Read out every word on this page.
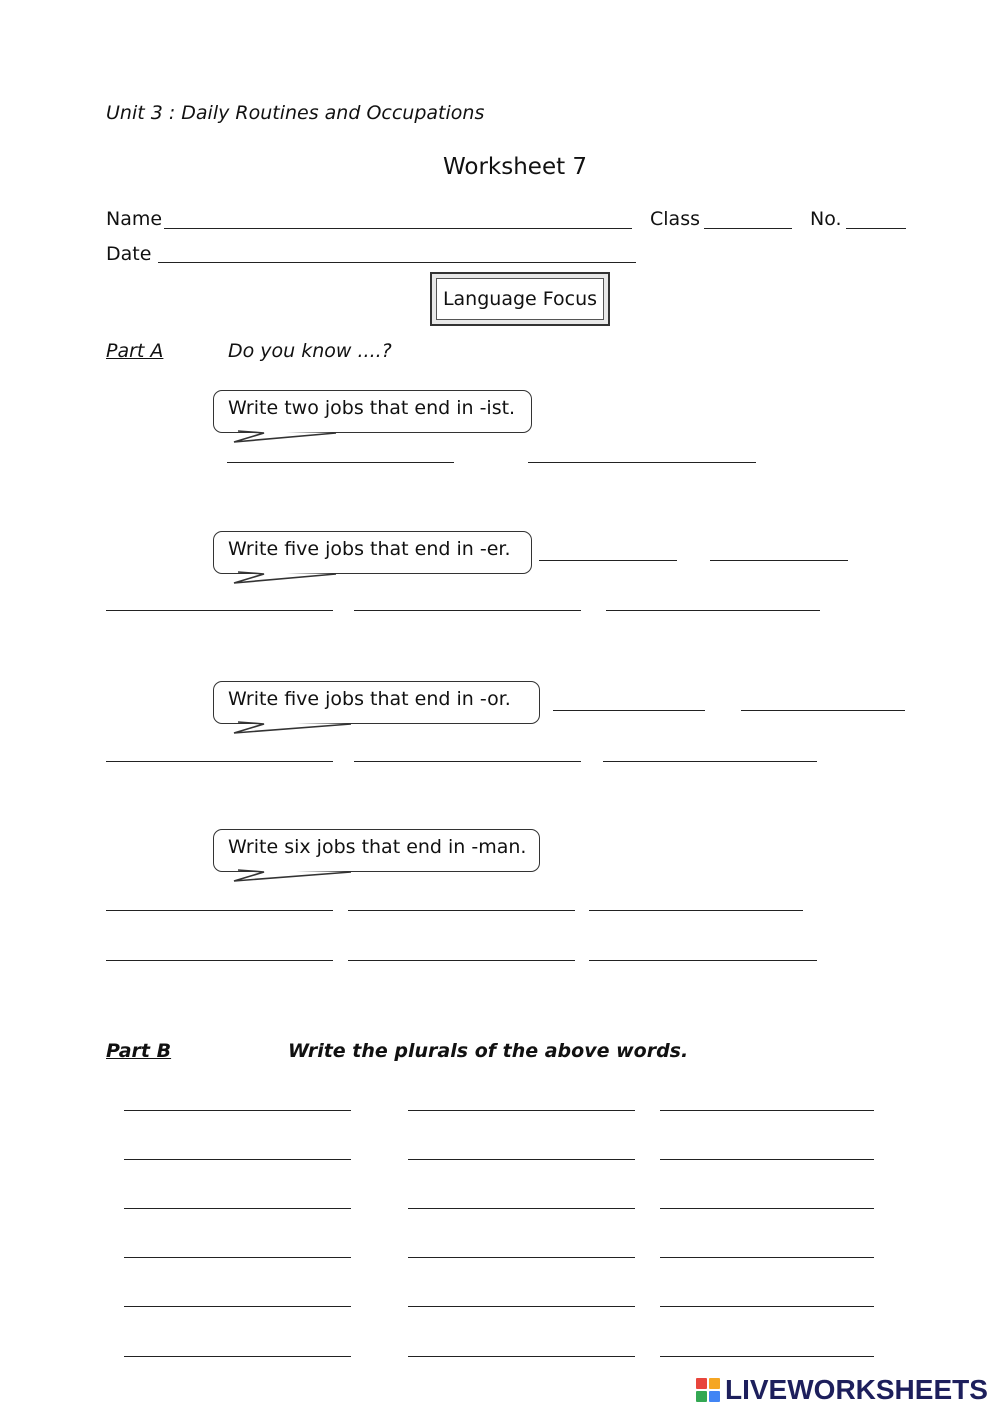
Unit 3 : Daily Routines and Occupations
Worksheet 7
Name	Class	No.
Date
Language Focus
Part A	Do you know ....?
Write two jobs that end in -ist.
Write five jobs that end in -er.
Write five jobs that end in -or.
Write six jobs that end in -man.
Part B	Write the plurals of the above words.
LIVEWORKSHEETS
